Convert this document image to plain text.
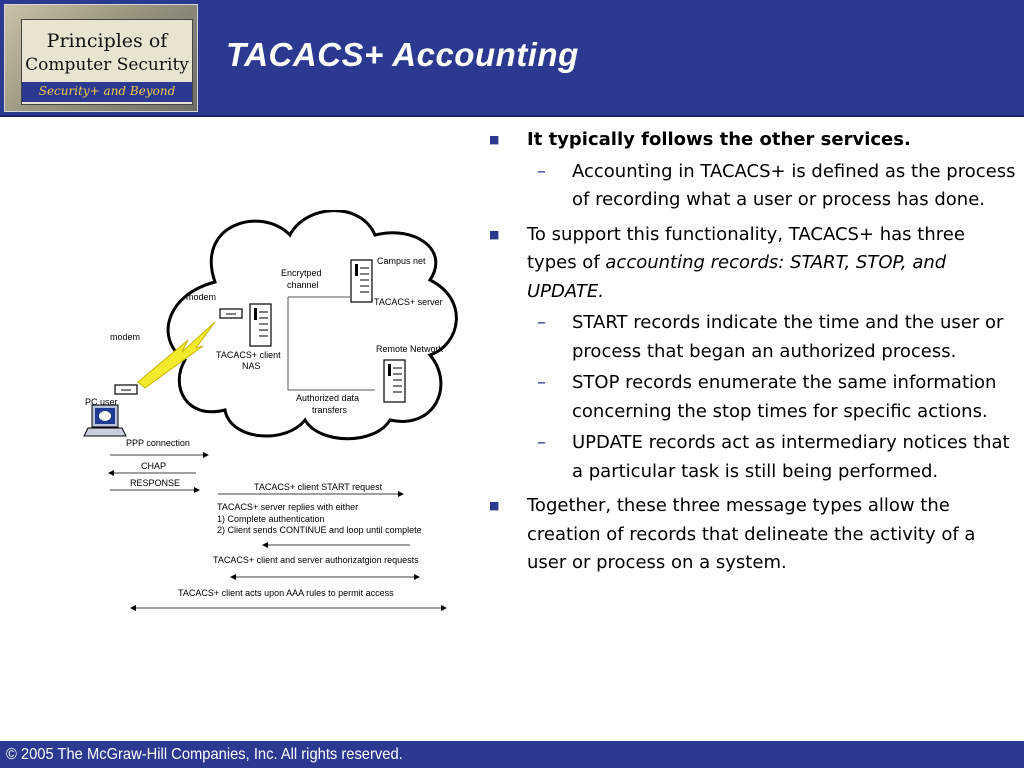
Principles of
Computer Security
Security+ and Beyond
TACACS+ Accounting
modem
modem
PC user
Encrytped
channel
Campus net
TACACS+ server
Remote Network
TACACS+ client
NAS
Authorized data
transfers
PPP connection
CHAP
RESPONSE	TACACS+ client START request
TACACS+ server replies with either
1) Complete authentication
2) Client sends CONTINUE and loop until complete
TACACS+ client and server authorizatgion requests
TACACS+ client acts upon AAA rules to permit access
■ It typically follows the other services.
– Accounting in TACACS+ is defined as the process of recording what a user or process has done.
■ To support this functionality, TACACS+ has three types of accounting records: START, STOP, and UPDATE.
– START records indicate the time and the user or process that began an authorized process.
– STOP records enumerate the same information concerning the stop times for specific actions.
– UPDATE records act as intermediary notices that a particular task is still being performed.
■ Together, these three message types allow the creation of records that delineate the activity of a user or process on a system.
© 2005 The McGraw-Hill Companies, Inc. All rights reserved.
